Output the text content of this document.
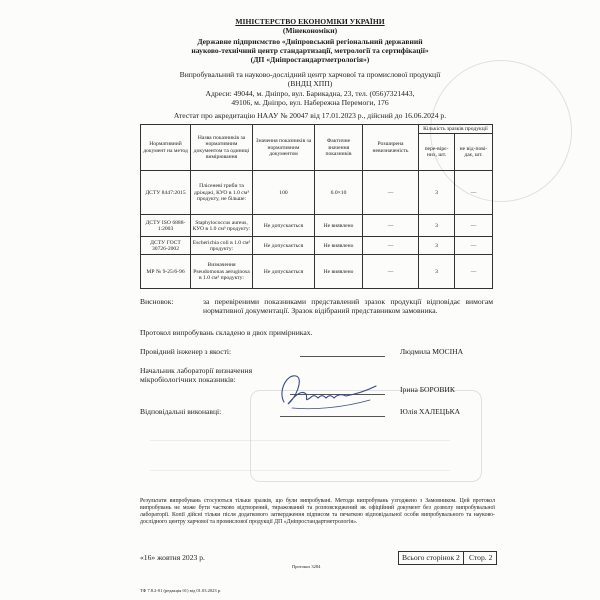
МІНІСТЕРСТВО ЕКОНОМІКИ УКРАЇНИ
(Мінекономіки)
Державне підприємство «Дніпровський регіональний державний
науково-технічний центр стандартизації, метрології та сертифікації»
(ДП «Дніпростандартметрологія»)
Випробувальний та науково-дослідний центр харчової та промислової продукції
(ВНДЦ ХПП)
Адреси: 49044, м. Дніпро, вул. Барикадна, 23, тел. (056)7321443,
49106, м. Дніпро, вул. Набережна Перемоги, 176
Атестат про акредитацію НААУ № 20047 від 17.01.2023 р., дійсний до 16.06.2024 р.
Нормативний документ на метод	Назва показників за нормативним документом та одиниці вимірювання	Значення показників за нормативним документом	Фактичне значення показників	Розширена невизначеність	Кількість зразків продукції	
					пере-вірє-них, шт.	не від-пові-дає, шт.
ДСТУ 8447:2015	Плісеневі гриби та дріжджі, КУО в 1.0 см³ продукту, не більше:	100	6.0×10	—	3	—
ДСТУ ISO 6888-1:2003	Staphylococcus aureus, КУО в 1.0 см³ продукту:	Не допускається	Не виявлено	—	3	—
ДСТУ ГОСТ 30726-2002	Escherichia coli в 1.0 см³ продукту:	Не допускається	Не виявлено	—	3	—
МР № 9-25/6-96	Визначення Pseudomonas aeruginosa в 1.0 см³ продукту:	Не допускається	Не виявлено	—	3	—
Висновок:	за перевіреними показниками представлений зразок продукції відповідає вимогам нормативної документації. Зразок відібраний представником замовника.
Протокол випробувань складено в двох примірниках.
Провідний інженер з якості:	Людмила МОСІНА
Начальник лабораторії визначення мікробіологічних показників:
Ірина БОРОВИК
Відповідальні виконавці:	Юлія ХАЛЕЦЬКА
Результати випробувань стосуються тільки зразків, що були випробувані. Методи випробувань узгоджено з Замовником. Цей протокол випробувань не може бути частково відтворений, тиражований та розповсюджений як офіційний документ без дозволу випробувальної лабораторії. Копії дійсні тільки після додаткового затвердження підписом та печаткою відповідальної особи випробувального та науково-дослідного центру харчової та промислової продукції ДП «Дніпростандартметрологія».
«16» жовтня 2023 р.	Всього сторінок 2 Стор. 2
Протокол 3284
ТФ 7.8.2-01 (редакція 01) від 01.03.2023 р.
